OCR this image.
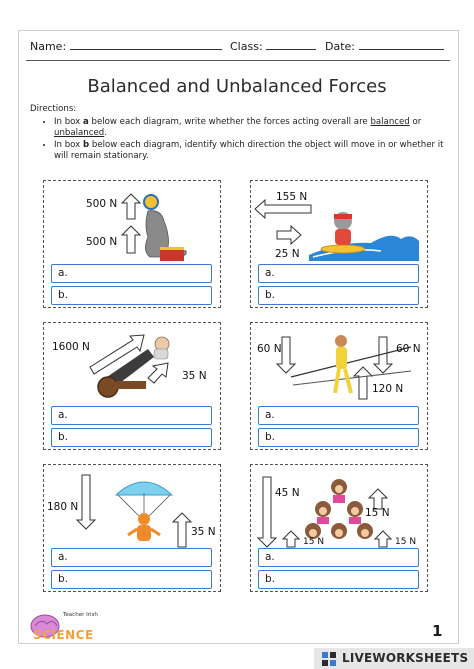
Name:	Class:	Date:
Balanced and Unbalanced Forces
Directions:
• In box a below each diagram, write whether the forces acting overall are balanced or unbalanced.
• In box b below each diagram, identify which direction the object will move in or whether it will remain stationary.
500 N
500 N
a.
b.
155 N
25 N
a.
b.
1600 N
35 N
a.
b.
60 N	60 N
120 N
a.
b.
180 N
35 N
a.
b.
45 N
15 N
15 N	15 N
a.
b.
Teacher Irish
SCIENCE	1
LIVEWORKSHEETS
